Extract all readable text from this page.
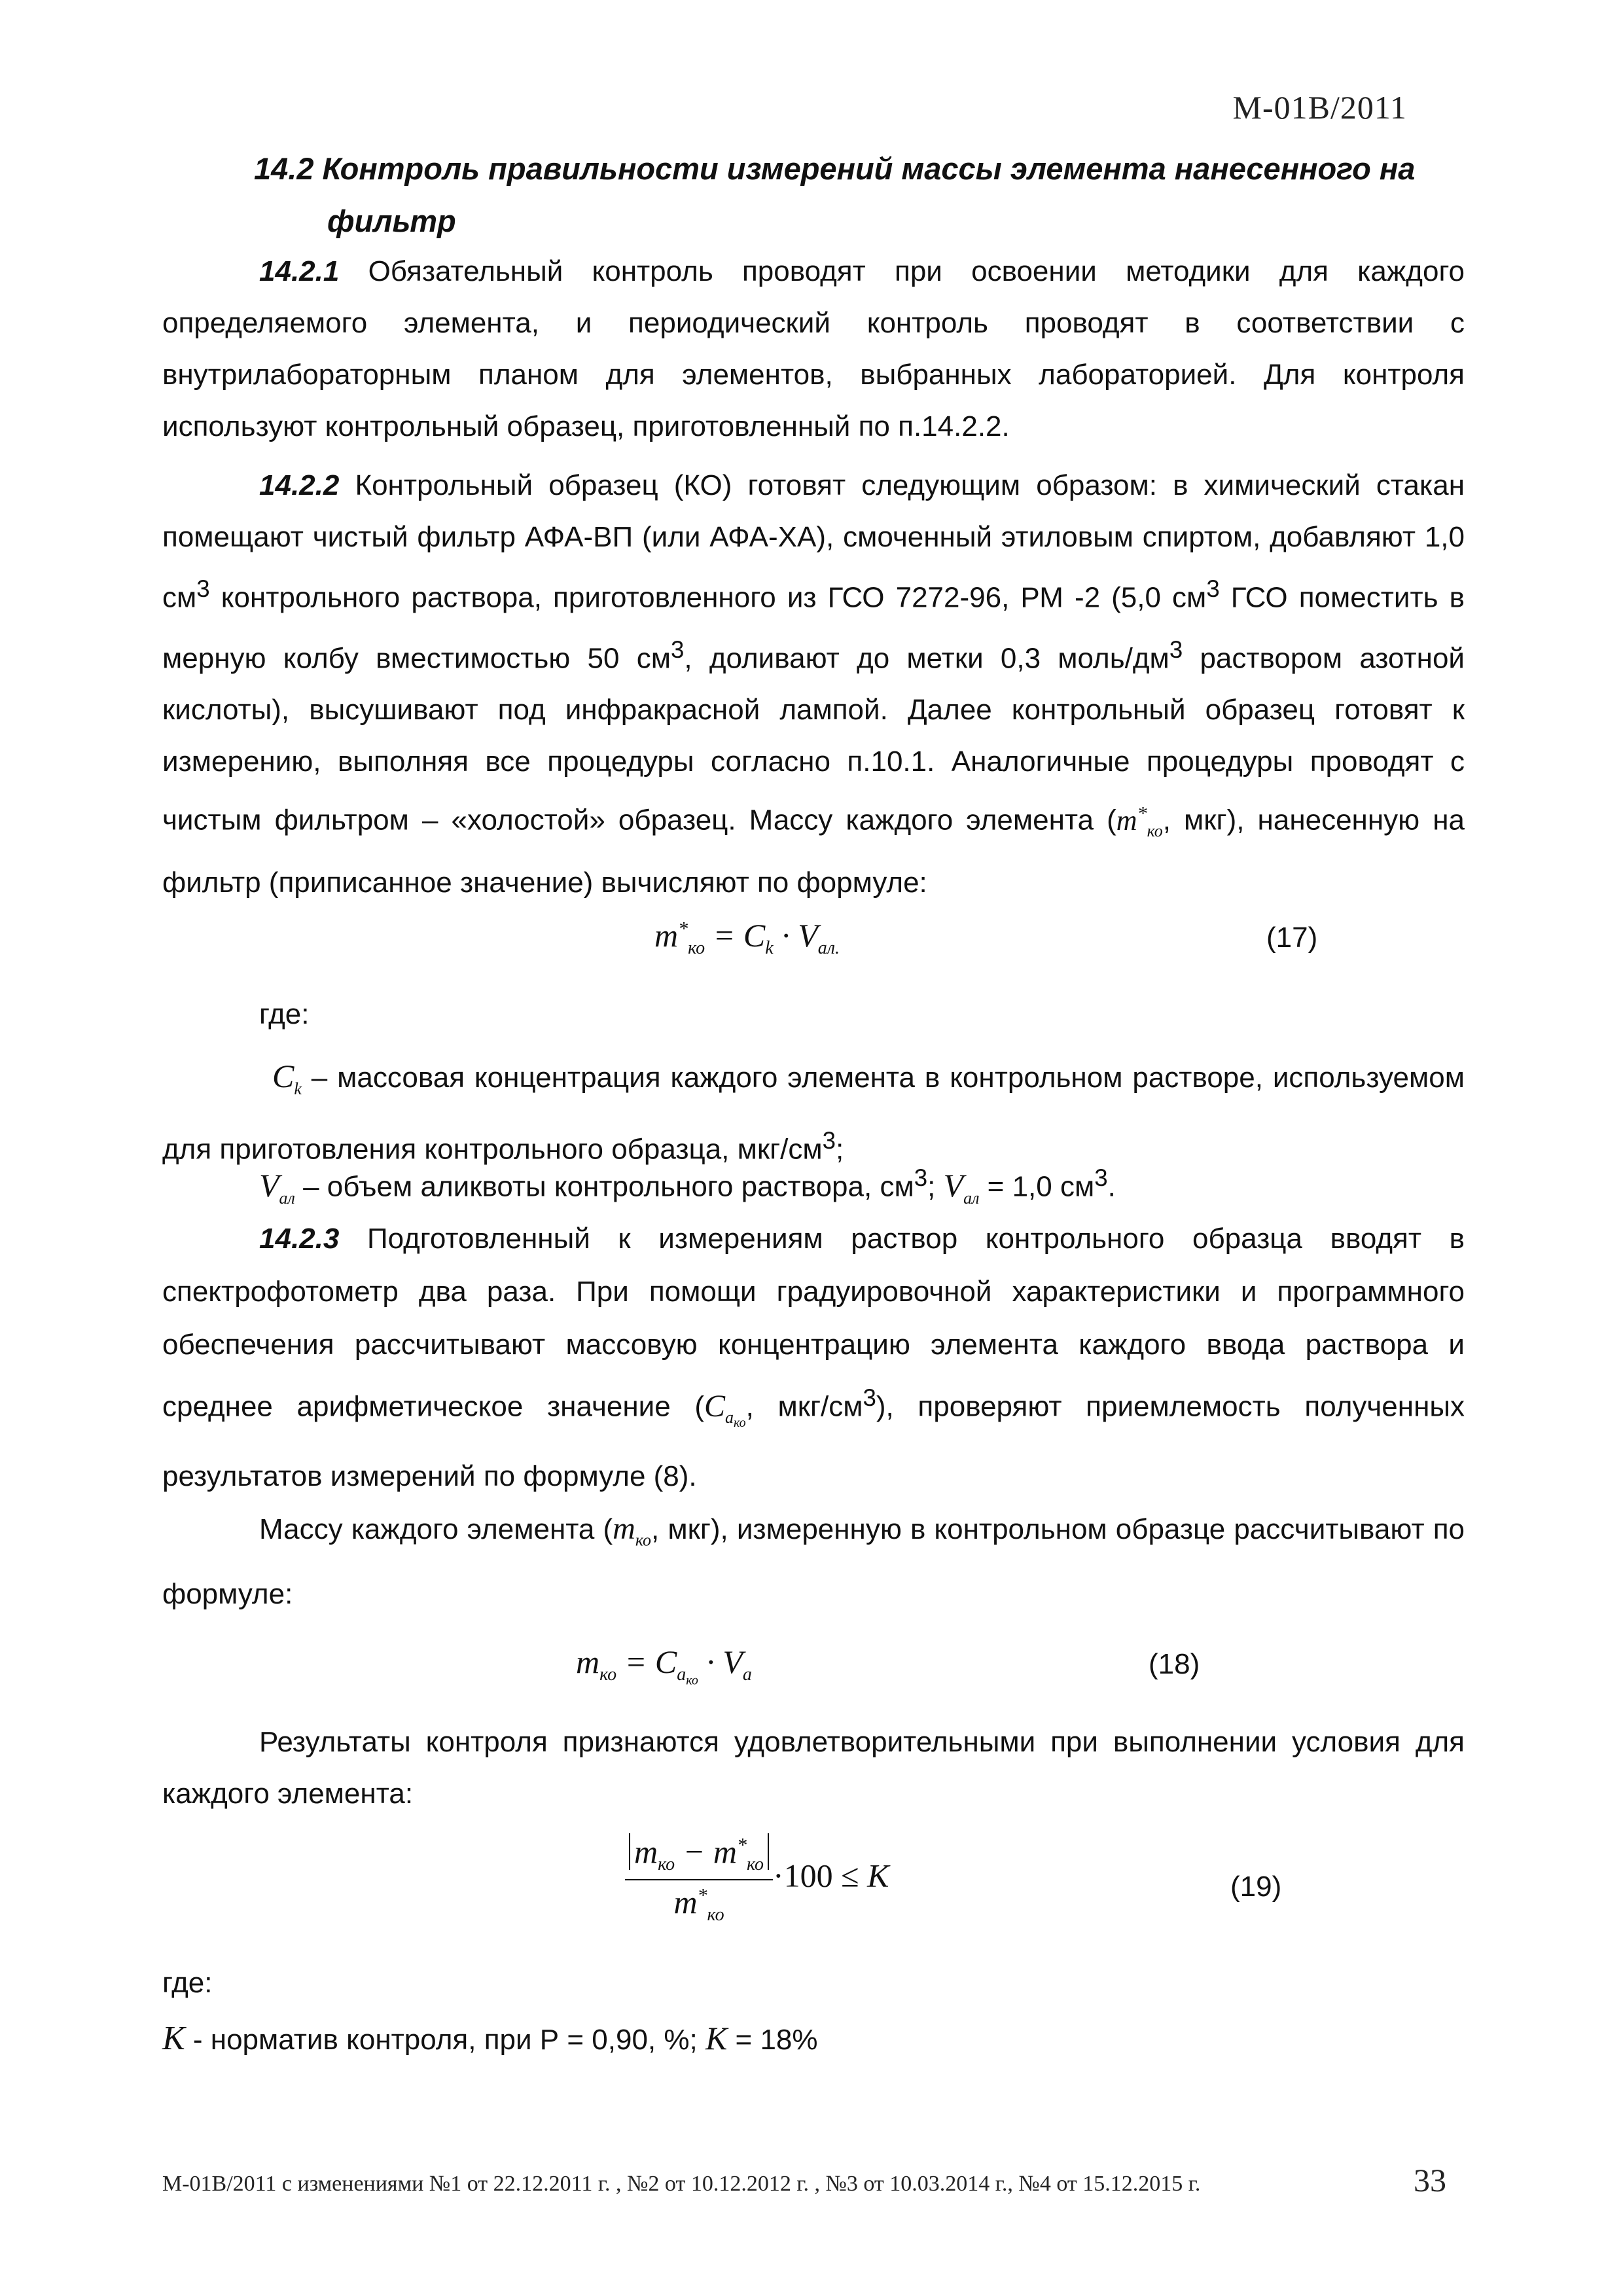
М-01В/2011
14.2 Контроль правильности измерений массы элемента нанесенного на
фильтр
14.2.1 Обязательный контроль проводят при освоении методики для каждого определяемого элемента, и периодический контроль проводят в соответствии с внутрилабораторным планом для элементов, выбранных лабораторией. Для контроля используют контрольный образец, приготовленный по п.14.2.2.
14.2.2 Контрольный образец (КО) готовят следующим образом: в химический стакан помещают чистый фильтр АФА-ВП (или АФА-ХА), смоченный этиловым спиртом, добавляют 1,0 $см^3$ контрольного раствора, приготовленного из ГСО 7272-96, РМ -2 (5,0 $см^3$ ГСО поместить в мерную колбу вместимостью 50 $см^3$, доливают до метки 0,3 моль/$дм^3$ раствором азотной кислоты), высушивают под инфракрасной лампой. Далее контрольный образец готовят к измерению, выполняя все процедуры согласно п.10.1. Аналогичные процедуры проводят с чистым фильтром – «холостой» образец. Массу каждого элемента ($m^*_{ко}$, мкг), нанесенную на фильтр (приписанное значение) вычисляют по формуле:
$m^*_{ко} = C_k \cdot V_{ал.}$	(17)
где:
$C_k$ – массовая концентрация каждого элемента в контрольном растворе, используемом для приготовления контрольного образца, мкг/$см^3$;
$V_{ал}$ – объем аликвоты контрольного раствора, $см^3$; $V_{ал} = 1,0$ $см^3$.
14.2.3 Подготовленный к измерениям раствор контрольного образца вводят в спектрофотометр два раза. При помощи градуировочной характеристики и программного обеспечения рассчитывают массовую концентрацию элемента каждого ввода раствора и среднее арифметическое значение ($C_{a_{ко}}$, мкг/$см^3$), проверяют приемлемость полученных результатов измерений по формуле (8).
Массу каждого элемента ($m_{ко}$, мкг), измеренную в контрольном образце рассчитывают по формуле:
$m_{ко} = C_{a_{ко}} \cdot V_a$	(18)
Результаты контроля признаются удовлетворительными при выполнении условия для каждого элемента:
$\frac{m_{ко} - m^*_{ко}}{m^*_{ко}} \cdot 100 \le K$	(19)
где:
K - норматив контроля, при Р = 0,90, %; K = 18%
М-01В/2011 с изменениями №1 от 22.12.2011 г. , №2 от 10.12.2012 г. , №3 от 10.03.2014 г., №4 от 15.12.2015 г.	33
